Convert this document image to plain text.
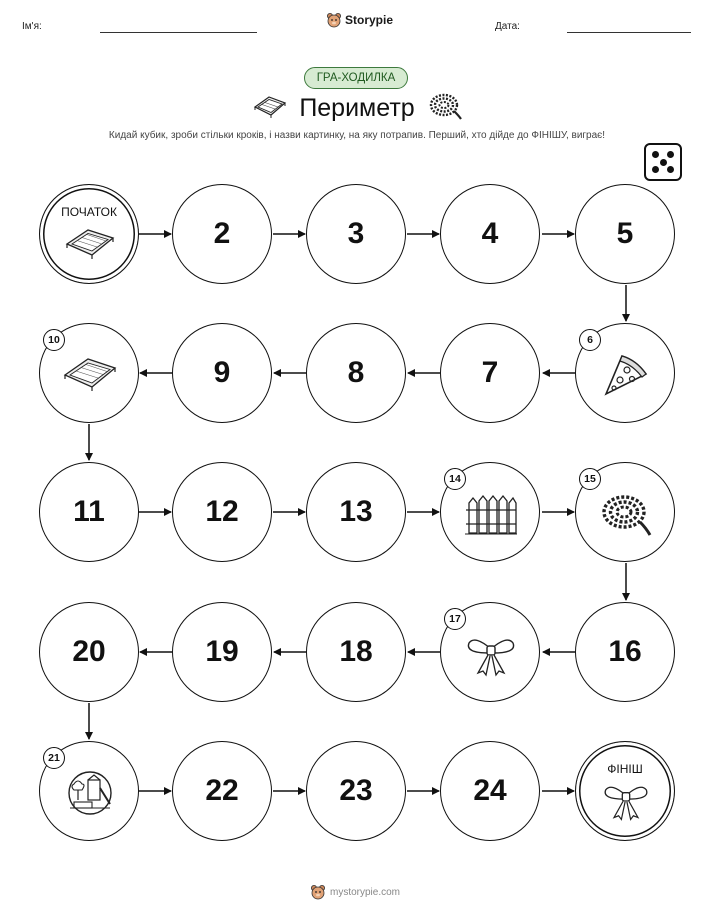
Ім'я:	Storypie	Дата:
ГРА-ХОДИЛКА
Периметр
Кидай кубик, зроби стільки кроків, і назви картинку, на яку потрапив. Перший, хто дійде до ФІНІШУ, виграє!
ПОЧАТОК
2	3	4	5
6
7
8
9
10
11	12	13
14	15
16
17
18
19
20
21
22	23	24
ФІНІШ
mystorypie.com
